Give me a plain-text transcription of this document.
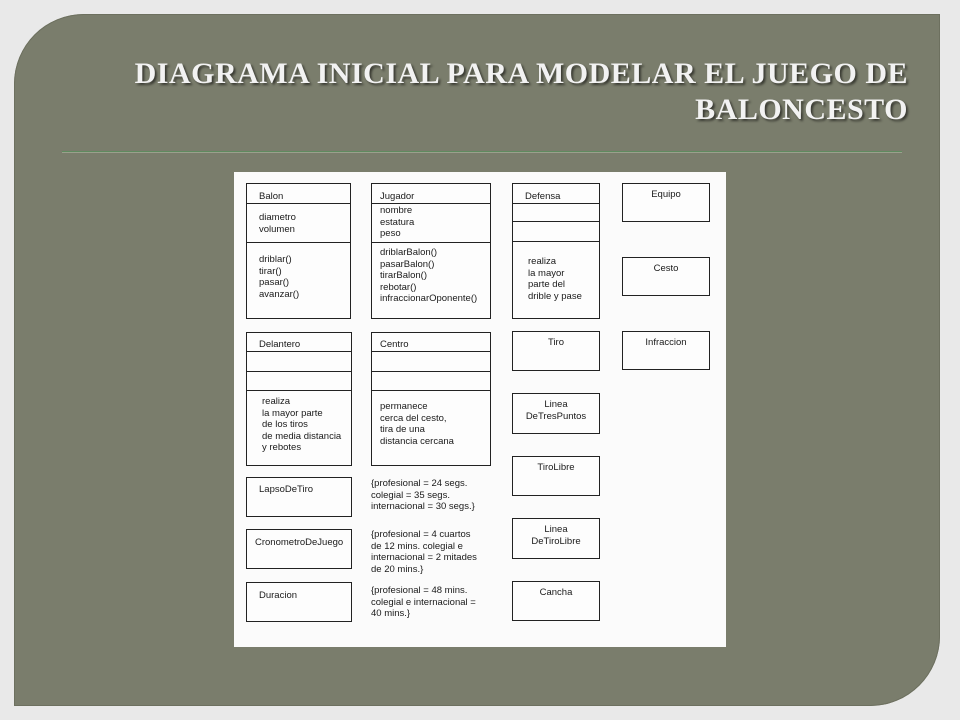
DIAGRAMA INICIAL PARA MODELAR EL JUEGO DE
BALONCESTO
Balon
diametro
volumen
driblar()
tirar()
pasar()
avanzar()
Jugador
nombre
estatura
peso
driblarBalon()
pasarBalon()
tirarBalon()
rebotar()
infraccionarOponente()
Defensa
realiza
la mayor
parte del
drible y pase
Equipo
Cesto
Infraccion
Delantero
realiza
la mayor parte
de los tiros
de media distancia
y rebotes
Centro
permanece
cerca del cesto,
tira de una
distancia cercana
Tiro
Linea
DeTresPuntos
TiroLibre
Linea
DeTiroLibre
Cancha
LapsoDeTiro
{profesional = 24 segs.
colegial = 35 segs.
internacional = 30 segs.}
CronometroDeJuego
{profesional = 4 cuartos
de 12 mins. colegial e
internacional = 2 mitades
de 20 mins.}
Duracion	{profesional = 48 mins.
colegial e internacional =
40 mins.}
